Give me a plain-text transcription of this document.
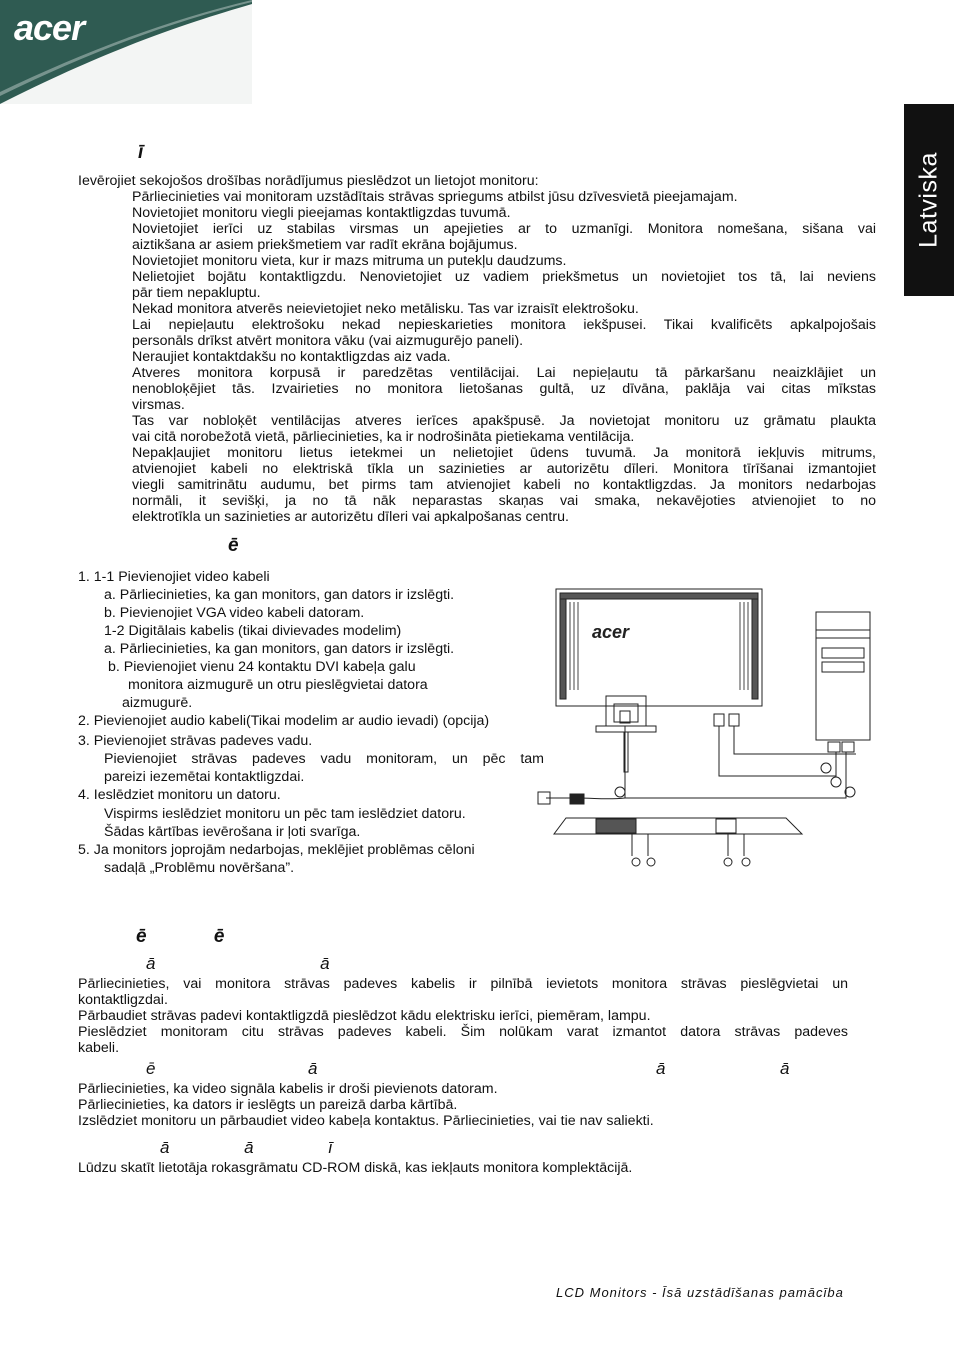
acer
Latviska
ī
Ievērojiet sekojošos drošības norādījumus pieslēdzot un lietojot monitoru:
Pārliecinieties vai monitoram uzstādītais strāvas spriegums atbilst jūsu dzīvesvietā pieejamajam.
Novietojiet monitoru viegli pieejamas kontaktligzdas tuvumā.
Novietojiet ierīci uz stabilas virsmas un apejieties ar to uzmanīgi. Monitora nomešana, sišana vai
aiztikšana ar asiem priekšmetiem var radīt ekrāna bojājumus.
Novietojiet monitoru vieta, kur ir mazs mitruma un putekļu daudzums.
Nelietojiet bojātu kontaktligzdu. Nenovietojiet uz vadiem priekšmetus un novietojiet tos tā, lai neviens
pār tiem nepakluptu.
Nekad monitora atverēs neievietojiet neko metālisku. Tas var izraisīt elektrošoku.
Lai nepieļautu elektrošoku nekad nepieskarieties monitora iekšpusei. Tikai kvalificēts apkalpojošais
personāls drīkst atvērt monitora vāku (vai aizmugurējo paneli).
Neraujiet kontaktdakšu no kontaktligzdas aiz vada.
Atveres monitora korpusā ir paredzētas ventilācijai. Lai nepieļautu tā pārkaršanu neaizklājiet un
nenobloķējiet tās. Izvairieties no monitora lietošanas gultā, uz dīvāna, paklāja vai citas mīkstas
virsmas.
Tas var nobloķēt ventilācijas atveres ierīces apakšpusē. Ja novietojat monitoru uz grāmatu plaukta
vai citā norobežotā vietā, pārliecinieties, ka ir nodrošināta pietiekama ventilācija.
Nepakļaujiet monitoru lietus ietekmei un nelietojiet ūdens tuvumā. Ja monitorā iekļuvis mitrums,
atvienojiet kabeli no elektriskā tīkla un sazinieties ar autorizētu dīleri. Monitora tīrīšanai izmantojiet
viegli samitrinātu audumu, bet pirms tam atvienojiet kabeli no kontaktligzdas. Ja monitors nedarbojas
normāli, it sevišķi, ja no tā nāk neparastas skaņas vai smaka, nekavējoties atvienojiet to no
elektrotīkla un sazinieties ar autorizētu dīleri vai apkalpošanas centru.
ē
1. 1-1 Pievienojiet video kabeli
a. Pārliecinieties, ka gan monitors, gan dators ir izslēgti.
b. Pievienojiet VGA video kabeli datoram.
1-2 Digitālais kabelis (tikai divievades modelim)
a. Pārliecinieties, ka gan monitors, gan dators ir izslēgti.
b. Pievienojiet vienu 24 kontaktu DVI kabeļa galu
monitora aizmugurē un otru pieslēgvietai datora
aizmugurē.
2. Pievienojiet audio kabeli(Tikai modelim ar audio ievadi) (opcija)
3. Pievienojiet strāvas padeves vadu.
Pievienojiet strāvas padeves vadu monitoram, un pēc tam
pareizi iezemētai kontaktligzdai.
4. Ieslēdziet monitoru un datoru.
Vispirms ieslēdziet monitoru un pēc tam ieslēdziet datoru.
Šādas kārtības ievērošana ir ļoti svarīga.
5. Ja monitors joprojām nedarbojas, meklējiet problēmas cēloni
sadaļā „Problēmu novēršana”.
acer
ē ē
ā ā
Pārliecinieties, vai monitora strāvas padeves kabelis ir pilnībā ievietots monitora strāvas pieslēgvietai un
kontaktligzdai.
Pārbaudiet strāvas padevi kontaktligzdā pieslēdzot kādu elektrisku ierīci, piemēram, lampu.
Pieslēdziet monitoram citu strāvas padeves kabeli. Šim nolūkam varat izmantot datora strāvas padeves
kabeli.
ē	ā	ā	ā
Pārliecinieties, ka video signāla kabelis ir droši pievienots datoram.
Pārliecinieties, ka dators ir ieslēgts un pareizā darba kārtībā.
Izslēdziet monitoru un pārbaudiet video kabeļa kontaktus. Pārliecinieties, vai tie nav saliekti.
ā ā ī
Lūdzu skatīt lietotāja rokasgrāmatu CD-ROM diskā, kas iekļauts monitora komplektācijā.
LCD Monitors - Īsā uzstādīšanas pamācība
